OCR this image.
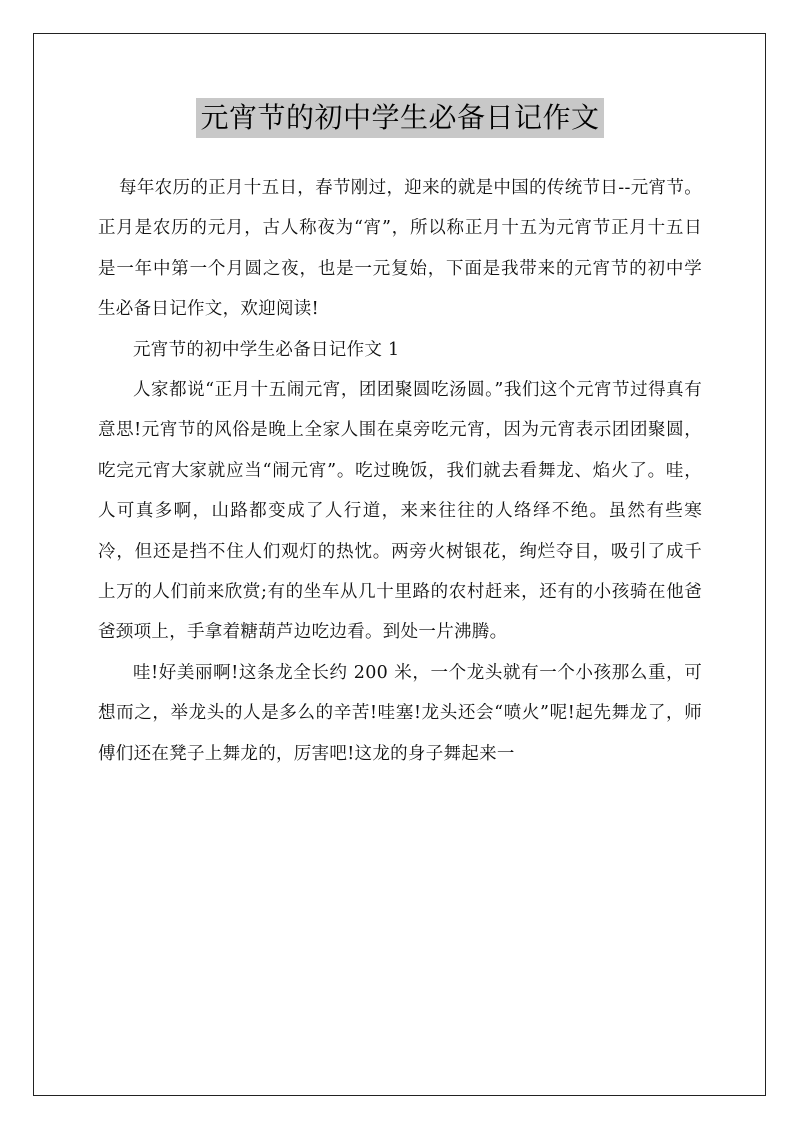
元宵节的初中学生必备日记作文

每年农历的正月十五日，春节刚过，迎来的就是中国的传统节日--元宵节。 正月是农历的元月，古人称夜为“宵”，所以称正月十五为元宵节正月十五日是一年中第一个月圆之夜，也是一元复始，下面是我带来的元宵节的初中学生必备日记作文，欢迎阅读!

元宵节的初中学生必备日记作文 1

人家都说“正月十五闹元宵，团团聚圆吃汤圆。”我们这个元宵节过得真有意思!元宵节的风俗是晚上全家人围在桌旁吃元宵，因为元宵表示团团聚圆，吃完元宵大家就应当“闹元宵”。吃过晚饭，我们就去看舞龙、焰火了。哇，人可真多啊，山路都变成了人行道，来来往往的人络绎不绝。虽然有些寒冷，但还是挡不住人们观灯的热忱。两旁火树银花，绚烂夺目，吸引了成千上万的人们前来欣赏;有的坐车从几十里路的农村赶来，还有的小孩骑在他爸爸颈项上，手拿着糖葫芦边吃边看。到处一片沸腾。

哇!好美丽啊!这条龙全长约 200 米，一个龙头就有一个小孩那么重，可想而之，举龙头的人是多么的辛苦!哇塞!龙头还会“喷火”呢!起先舞龙了，师傅们还在凳子上舞龙的，厉害吧!这龙的身子舞起来一
